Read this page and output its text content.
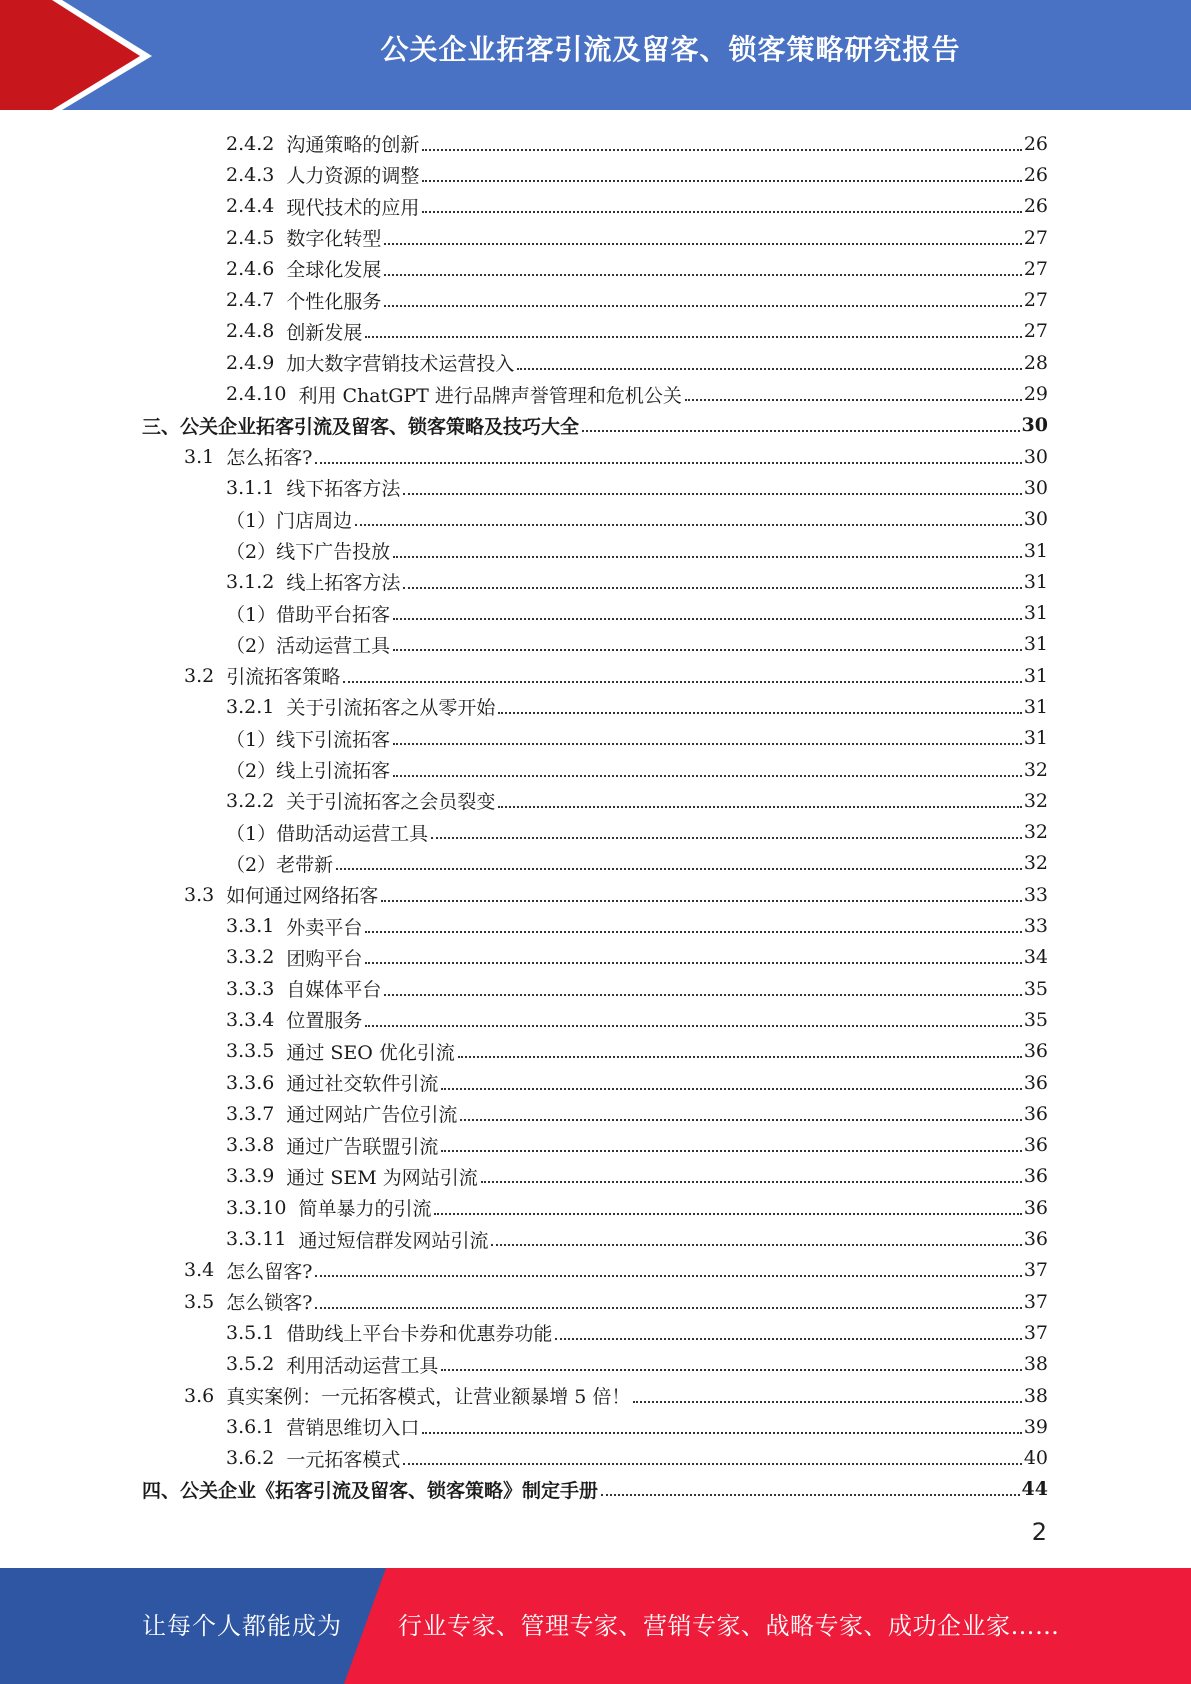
公关企业拓客引流及留客、锁客策略研究报告
2.4.2 沟通策略的创新	26
2.4.3 人力资源的调整	26
2.4.4 现代技术的应用	26
2.4.5 数字化转型	27
2.4.6 全球化发展	27
2.4.7 个性化服务	27
2.4.8 创新发展	27
2.4.9 加大数字营销技术运营投入	28
2.4.10 利用 ChatGPT 进行品牌声誉管理和危机公关	29
三、公关企业拓客引流及留客、锁客策略及技巧大全	30
3.1 怎么拓客?	30
3.1.1 线下拓客方法	30
（1）门店周边	30
（2）线下广告投放	31
3.1.2 线上拓客方法	31
（1）借助平台拓客	31
（2）活动运营工具	31
3.2 引流拓客策略	31
3.2.1 关于引流拓客之从零开始	31
（1）线下引流拓客	31
（2）线上引流拓客	32
3.2.2 关于引流拓客之会员裂变	32
（1）借助活动运营工具	32
（2）老带新	32
3.3 如何通过网络拓客	33
3.3.1 外卖平台	33
3.3.2 团购平台	34
3.3.3 自媒体平台	35
3.3.4 位置服务	35
3.3.5 通过 SEO 优化引流	36
3.3.6 通过社交软件引流	36
3.3.7 通过网站广告位引流	36
3.3.8 通过广告联盟引流	36
3.3.9 通过 SEM 为网站引流	36
3.3.10 简单暴力的引流	36
3.3.11 通过短信群发网站引流	36
3.4 怎么留客?	37
3.5 怎么锁客?	37
3.5.1 借助线上平台卡券和优惠券功能	37
3.5.2 利用活动运营工具	38
3.6 真实案例：一元拓客模式，让营业额暴增 5 倍！	38
3.6.1 营销思维切入口	39
3.6.2 一元拓客模式	40
四、公关企业《拓客引流及留客、锁客策略》制定手册	44
2
让每个人都能成为 行业专家、管理专家、营销专家、战略专家、成功企业家……
